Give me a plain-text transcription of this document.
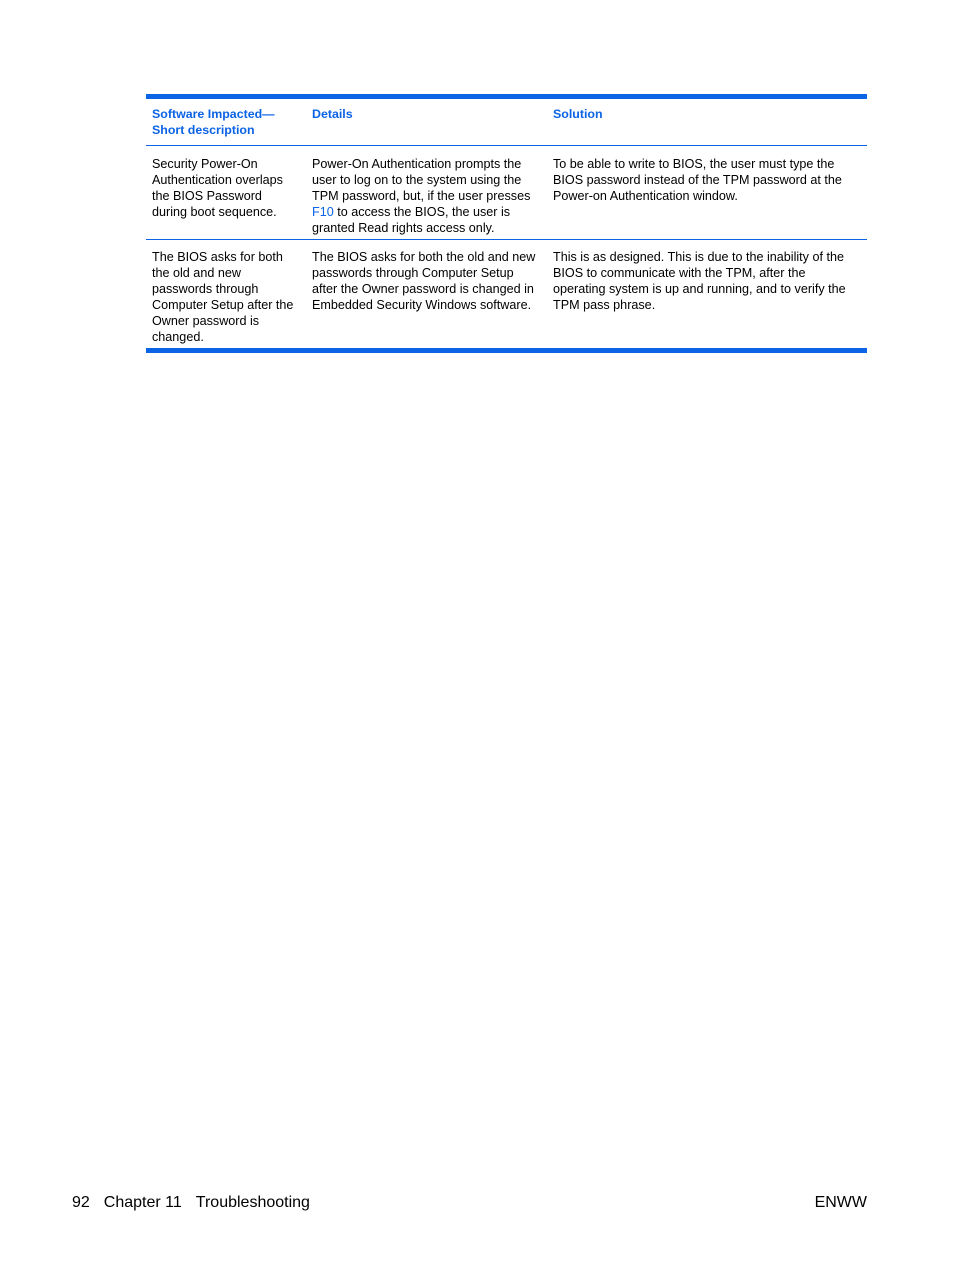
Software Impacted— Short description
Details	Solution
Security Power-On Authentication overlaps the BIOS Password during boot sequence.
Power-On Authentication prompts the user to log on to the system using the TPM password, but, if the user presses F10 to access the BIOS, the user is granted Read rights access only.
To be able to write to BIOS, the user must type the BIOS password instead of the TPM password at the Power-on Authentication window.
The BIOS asks for both the old and new passwords through Computer Setup after the Owner password is changed.
The BIOS asks for both the old and new passwords through Computer Setup after the Owner password is changed in Embedded Security Windows software.
This is as designed. This is due to the inability of the BIOS to communicate with the TPM, after the operating system is up and running, and to verify the TPM pass phrase.
92 Chapter 11 Troubleshooting	ENWW
